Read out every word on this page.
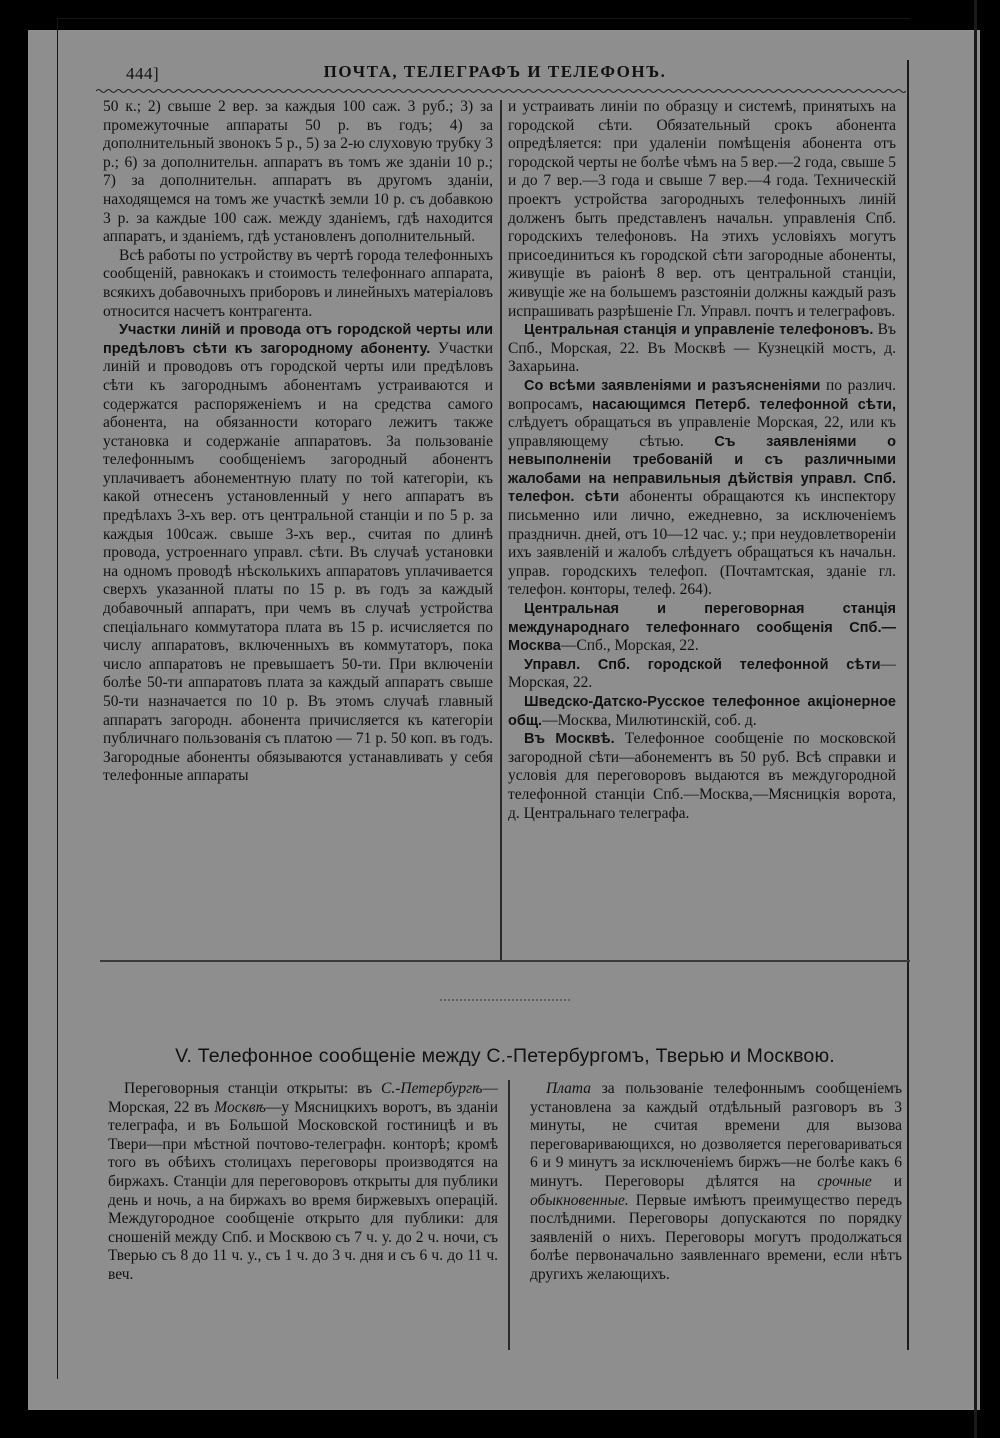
444]	ПОЧТА, ТЕЛЕГРАФЪ И ТЕЛЕФОНЪ.

50 к.; 2) свыше 2 вер. за каждыя 100 саж. 3 руб.; 3) за промежуточные аппараты 50 р. въ годъ; 4) за дополнительный звонокъ 5 р., 5) за 2-ю слуховую трубку 3 р.; 6) за дополнительн. аппаратъ въ томъ же зданіи 10 р.; 7) за дополнительн. аппаратъ въ другомъ зданіи, находящемся на томъ же участкѣ земли 10 р. съ добавкою 3 р. за каждые 100 саж. между зданіемъ, гдѣ находится аппаратъ, и зданіемъ, гдѣ установленъ дополнительный.

Всѣ работы по устройству въ чертѣ города телефонныхъ сообщеній, равнокакъ и стоимость телефоннаго аппарата, всякихъ добавочныхъ приборовъ и линейныхъ матеріаловъ относится насчетъ контрагента.

Участки линій и провода отъ городской черты или предѣловъ сѣти къ загородному абоненту. Участки линій и проводовъ отъ городской черты или предѣловъ сѣти къ загороднымъ абонентамъ устраиваются и содержатся распоряженіемъ и на средства самого абонента, на обязанности котораго лежитъ также установка и содержаніе аппаратовъ. За пользованіе телефоннымъ сообщеніемъ загородный абонентъ уплачиваетъ абонементную плату по той категоріи, къ какой отнесенъ установленный у него аппаратъ въ предѣлахъ 3-хъ вер. отъ центральной станціи и по 5 р. за каждыя 100саж. свыше 3-хъ вер., считая по длинѣ провода, устроеннаго управл. сѣти. Въ случаѣ установки на одномъ проводѣ нѣсколькихъ аппаратовъ уплачивается сверхъ указанной платы по 15 р. въ годъ за каждый добавочный аппаратъ, при чемъ въ случаѣ устройства спеціальнаго коммутатора плата въ 15 р. исчисляется по числу аппаратовъ, включенныхъ въ коммутаторъ, пока число аппаратовъ не превышаетъ 50-ти. При включеніи болѣе 50-ти аппаратовъ плата за каждый аппаратъ свыше 50-ти назначается по 10 р. Въ этомъ случаѣ главный аппаратъ загородн. абонента причисляется къ категоріи публичнаго пользованія съ платою — 71 р. 50 коп. въ годъ. Загородные абоненты обязываются устанавливать у себя телефонные аппараты

и устраивать линіи по образцу и системѣ, принятыхъ на городской сѣти. Обязательный срокъ абонента опредѣляется: при удаленіи помѣщенія абонента отъ городской черты не болѣе чѣмъ на 5 вер.—2 года, свыше 5 и до 7 вер.—3 года и свыше 7 вер.—4 года. Техническій проектъ устройства загородныхъ телефонныхъ линій долженъ быть представленъ начальн. управленія Спб. городскихъ телефоновъ. На этихъ условіяхъ могутъ присоединиться къ городской сѣти загородные абоненты, живущіе въ раіонѣ 8 вер. отъ центральной станціи, живущіе же на большемъ разстояніи должны каждый разъ испрашивать разрѣшеніе Гл. Управл. почтъ и телеграфовъ.

Центральная станція и управленіе телефоновъ. Въ Спб., Морская, 22. Въ Москвѣ — Кузнецкій мостъ, д. Захарьина.

Со всѣми заявленіями и разъясненіями по различ. вопросамъ, насающимся Петерб. телефонной сѣти, слѣдуетъ обращаться въ управленіе Морская, 22, или къ управляющему сѣтью. Съ заявленіями о невыполненіи требованій и съ различными жалобами на неправильныя дѣйствія управл. Спб. телефон. сѣти абоненты обращаются къ инспектору письменно или лично, ежедневно, за исключеніемъ праздничн. дней, отъ 10—12 час. у.; при неудовлетвореніи ихъ заявленій и жалобъ слѣдуетъ обращаться къ начальн. управ. городскихъ телефоп. (Почтамтская, зданіе гл. телефон. конторы, телеф. 264).

Центральная и переговорная станція международнаго телефоннаго сообщенія Спб.—Москва—Спб., Морская, 22.

Управл. Спб. городской телефонной сѣти—Морская, 22.

Шведско-Датско-Русское телефонное акціонерное общ.—Москва, Милютинскій, соб. д.

Въ Москвѣ. Телефонное сообщеніе по московской загородной сѣти—абонементъ въ 50 руб. Всѣ справки и условія для переговоровъ выдаются въ междугородной телефонной станціи Спб.—Москва,—Мясницкія ворота, д. Центральнаго телеграфа.

V. Телефонное сообщеніе между С.-Петербургомъ, Тверью и Москвою.

Переговорныя станціи открыты: въ С.-Петербургѣ—Морская, 22 въ Москвѣ—у Мясницкихъ воротъ, въ зданіи телеграфа, и въ Большой Московской гостиницѣ и въ Твери—при мѣстной почтово-телеграфн. конторѣ; кромѣ того въ обѣихъ столицахъ переговоры производятся на биржахъ. Станціи для переговоровъ открыты для публики день и ночь, а на биржахъ во время биржевыхъ операцій. Междугородное сообщеніе открыто для публики: для сношеній между Спб. и Москвою съ 7 ч. у. до 2 ч. ночи, съ Тверью съ 8 до 11 ч. у., съ 1 ч. до 3 ч. дня и съ 6 ч. до 11 ч. веч.

Плата за пользованіе телефоннымъ сообщеніемъ установлена за каждый отдѣльный разговоръ въ 3 минуты, не считая времени для вызова переговаривающихся, но дозволяется переговариваться 6 и 9 минутъ за исключеніемъ биржъ—не болѣе какъ 6 минутъ. Переговоры дѣлятся на срочные и обыкновенные. Первые имѣютъ преимущество передъ послѣдними. Переговоры допускаются по порядку заявленій о нихъ. Переговоры могутъ продолжаться болѣе первоначально заявленнаго времени, если нѣтъ другихъ желающихъ.
